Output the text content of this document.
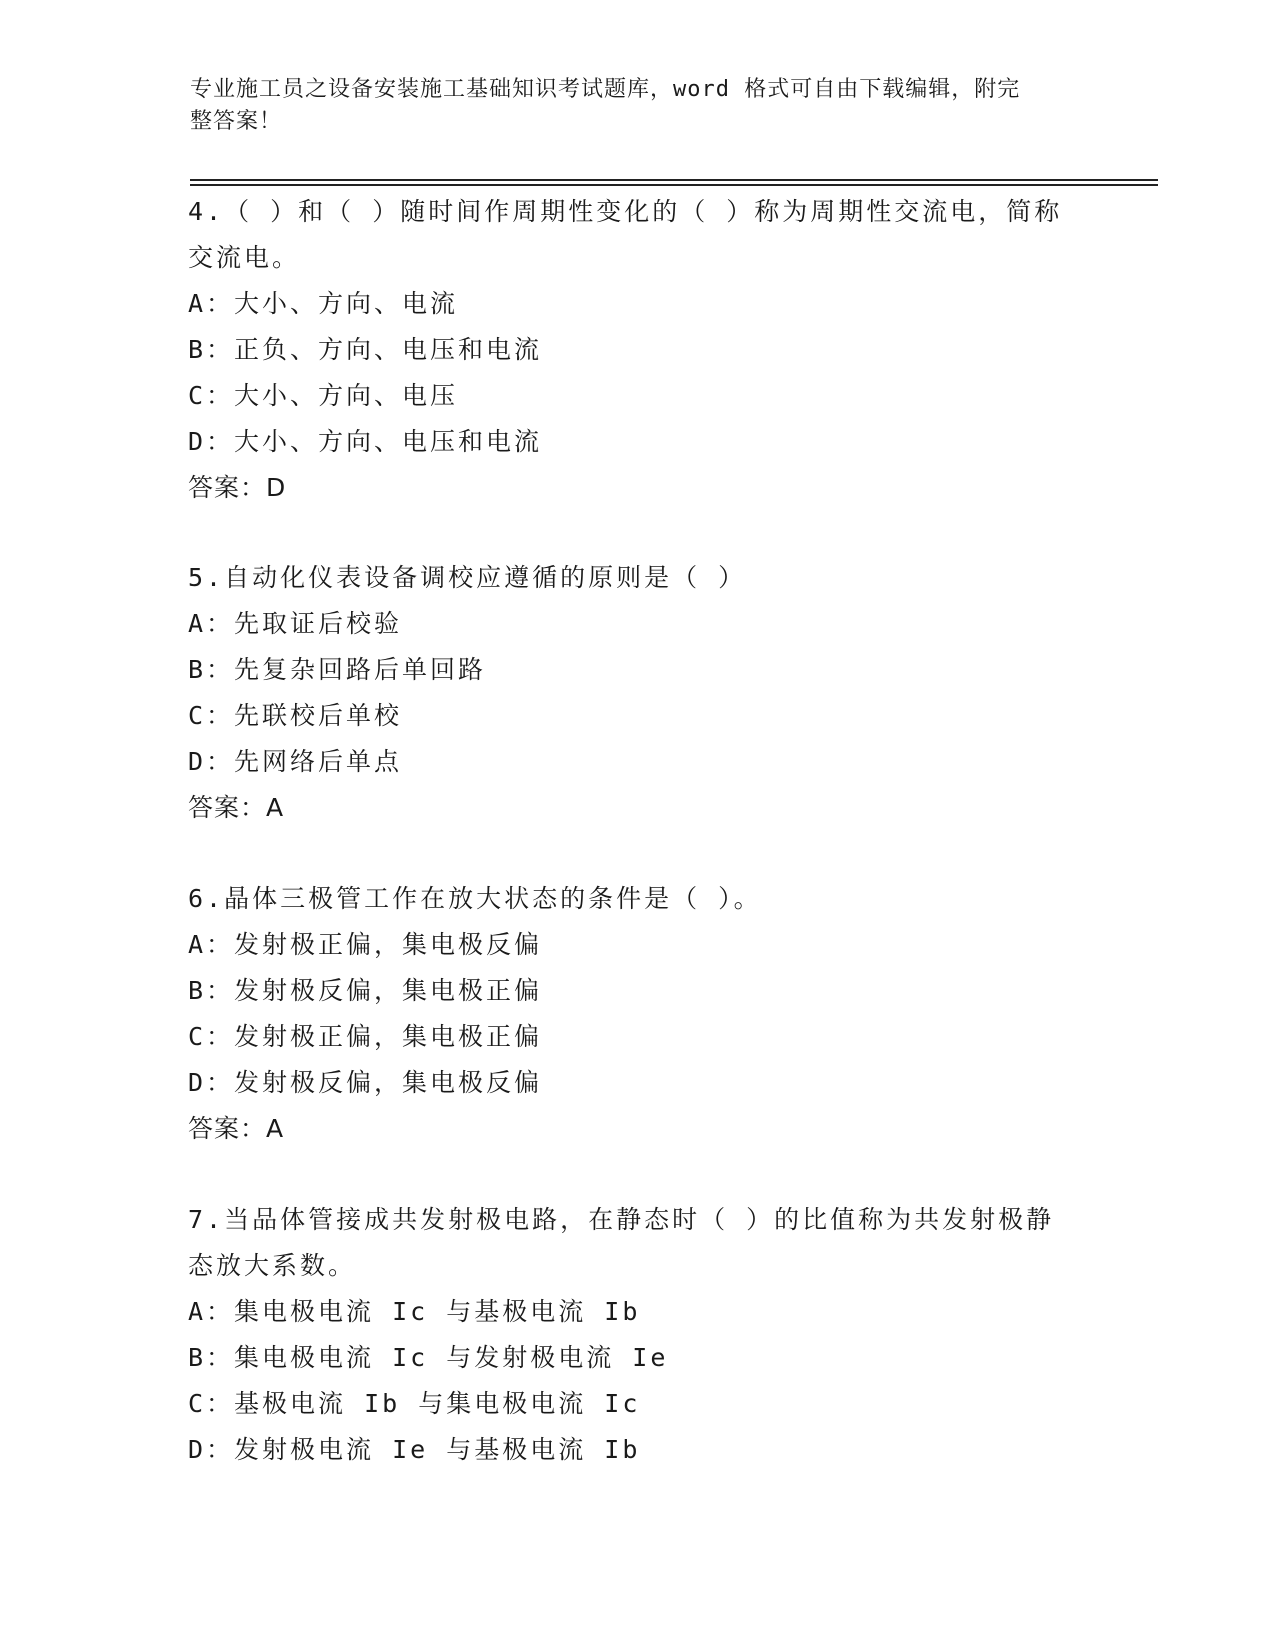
专业施工员之设备安装施工基础知识考试题库，word 格式可自由下载编辑，附完
整答案！

4.（ ）和（ ）随时间作周期性变化的（ ）称为周期性交流电，简称

交流电。

A：大小、方向、电流

B：正负、方向、电压和电流

C：大小、方向、电压

D：大小、方向、电压和电流

答案：D

5.自动化仪表设备调校应遵循的原则是（ ）

A：先取证后校验

B：先复杂回路后单回路

C：先联校后单校

D：先网络后单点

答案：A

6.晶体三极管工作在放大状态的条件是（ ）。

A：发射极正偏，集电极反偏

B：发射极反偏，集电极正偏

C：发射极正偏，集电极正偏

D：发射极反偏，集电极反偏

答案：A

7.当品体管接成共发射极电路，在静态时（ ）的比值称为共发射极静

态放大系数。

A：集电极电流 Ic 与基极电流 Ib

B：集电极电流 Ic 与发射极电流 Ie

C：基极电流 Ib 与集电极电流 Ic

D：发射极电流 Ie 与基极电流 Ib
